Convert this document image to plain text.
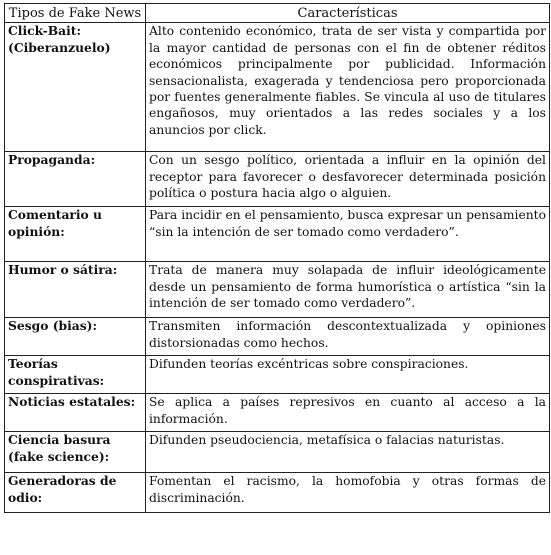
Tipos de Fake News	Características
Click-Bait: (Ciberanzuelo)	Alto contenido económico, trata de ser vista y compartida por la mayor cantidad de personas con el fin de obtener réditos económicos principalmente por publicidad. Información sensacionalista, exagerada y tendenciosa pero proporcionada por fuentes generalmente fiables. Se vincula al uso de titulares engañosos, muy orientados a las redes sociales y a los anuncios por click.
Propaganda:	Con un sesgo político, orientada a influir en la opinión del receptor para favorecer o desfavorecer determinada posición política o postura hacia algo o alguien.
Comentario u opinión:	Para incidir en el pensamiento, busca expresar un pensamiento “sin la intención de ser tomado como verdadero”.
Humor o sátira:	Trata de manera muy solapada de influir ideológicamente desde un pensamiento de forma humorística o artística “sin la intención de ser tomado como verdadero”.
Sesgo (bias):	Transmiten información descontextualizada y opiniones distorsionadas como hechos.
Teorías conspirativas:	Difunden teorías excéntricas sobre conspiraciones.
Noticias estatales:	Se aplica a países represivos en cuanto al acceso a la información.
Ciencia basura (fake science):	Difunden pseudociencia, metafísica o falacias naturistas.
Generadoras de odio:	Fomentan el racismo, la homofobia y otras formas de discriminación.
